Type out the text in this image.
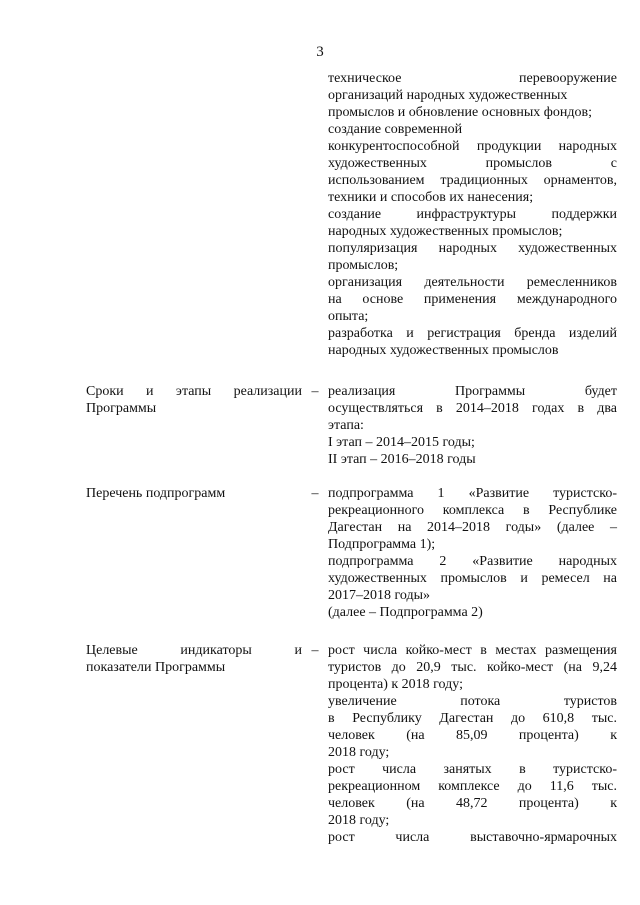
3

техническое перевооружение

организаций народных художественных

промыслов и обновление основных фондов;

создание современной

конкурентоспособной продукции народных

художественных промыслов с

использованием традиционных орнаментов,

техники и способов их нанесения;

создание инфраструктуры поддержки

народных художественных промыслов;

популяризация народных художественных

промыслов;

организация деятельности ремесленников

на основе применения международного

опыта;

разработка и регистрация бренда изделий

народных художественных промыслов

Сроки и этапы реализации
Программы
– реализация Программы будет

осуществляться в 2014–2018 годах в два

этапа:

I этап – 2014–2015 годы;

II этап – 2016–2018 годы

Перечень подпрограмм	– подпрограмма 1 «Развитие туристско-

рекреационного комплекса в Республике

Дагестан на 2014–2018 годы» (далее –

Подпрограмма 1);

подпрограмма 2 «Развитие народных

художественных промыслов и ремесел на

2017–2018 годы»

(далее – Подпрограмма 2)

Целевые индикаторы и
показатели Программы
– рост числа койко-мест в местах размещения

туристов до 20,9 тыс. койко-мест (на 9,24

процента) к 2018 году;

увеличение потока туристов

в Республику Дагестан до 610,8 тыс.

человек (на 85,09 процента) к

2018 году;

рост числа занятых в туристско-

рекреационном комплексе до 11,6 тыс.

человек (на 48,72 процента) к

2018 году;

рост числа выставочно-ярмарочных
